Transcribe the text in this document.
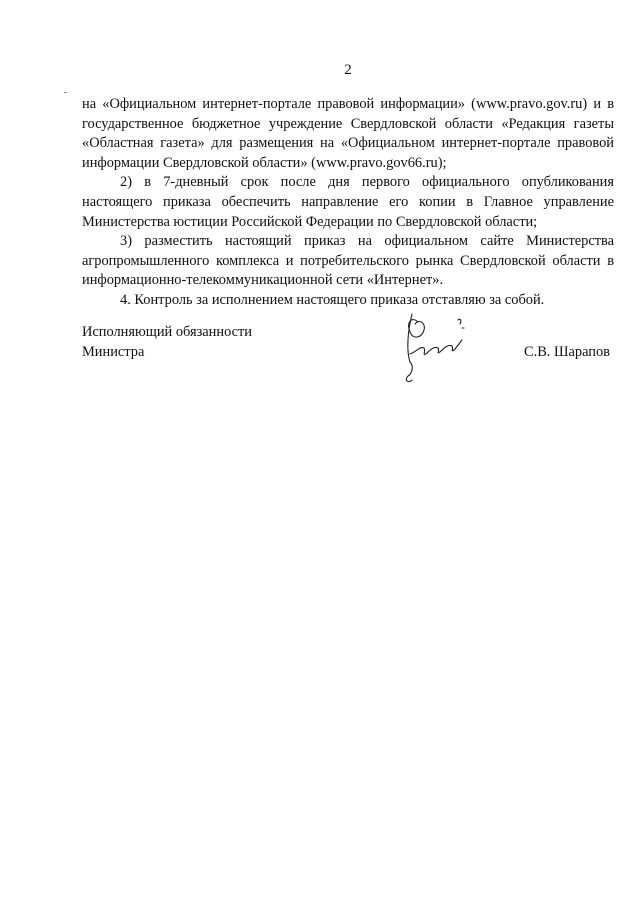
2

на «Официальном интернет-портале правовой информации» (www.pravo.gov.ru) и в государственное бюджетное учреждение Свердловской области «Редакция газеты «Областная газета» для размещения на «Официальном интернет-портале правовой информации Свердловской области» (www.pravo.gov66.ru);

2) в 7-дневный срок после дня первого официального опубликования настоящего приказа обеспечить направление его копии в Главное управление Министерства юстиции Российской Федерации по Свердловской области;

3) разместить настоящий приказ на официальном сайте Министерства агропромышленного комплекса и потребительского рынка Свердловской области в информационно-телекоммуникационной сети «Интернет».

4. Контроль за исполнением настоящего приказа отставляю за собой.

Исполняющий обязанности
Министра	С.В. Шарапов
